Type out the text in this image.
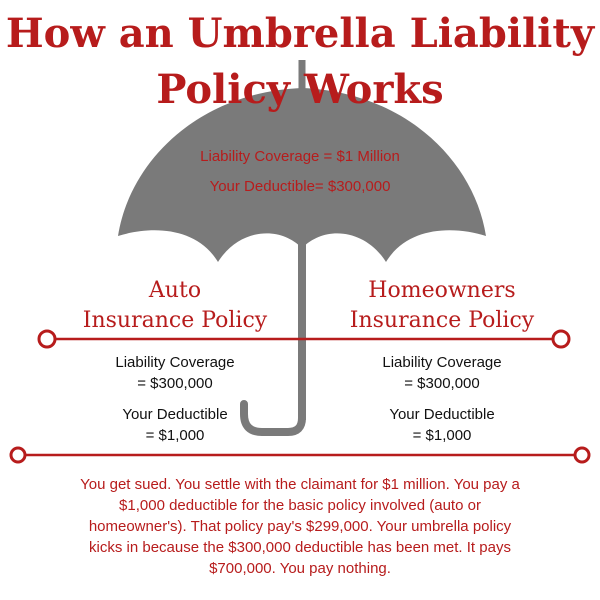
How an Umbrella Liability
Policy Works
Liability Coverage = $1 Million
Your Deductible= $300,000
Auto
Insurance Policy
Liability Coverage
= $300,000
Your Deductible
= $1,000
Homeowners
Insurance Policy
Liability Coverage
= $300,000
Your Deductible
= $1,000
You get sued. You settle with the claimant for $1 million. You pay a
$1,000 deductible for the basic policy involved (auto or
homeowner's). That policy pay's $299,000. Your umbrella policy
kicks in because the $300,000 deductible has been met. It pays
$700,000. You pay nothing.
